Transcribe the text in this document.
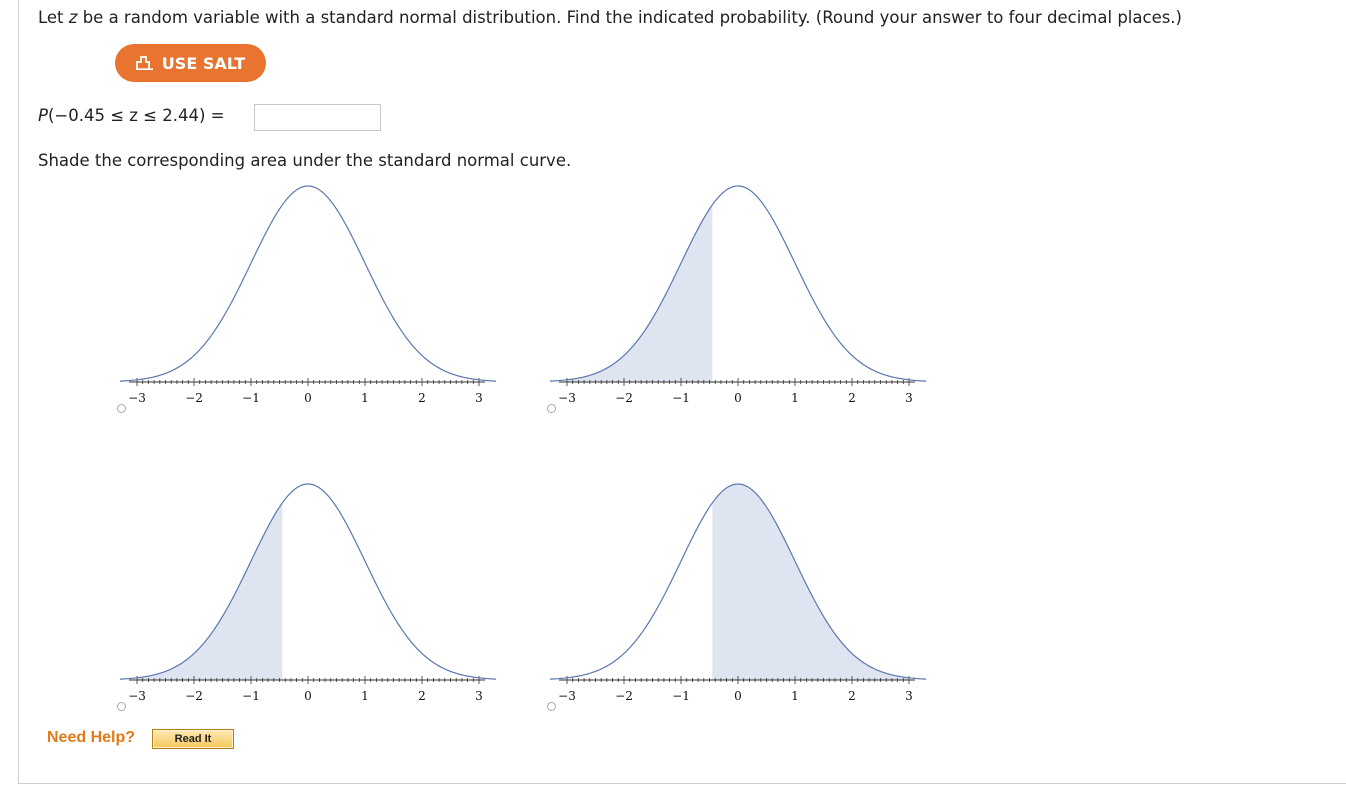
Let z be a random variable with a standard normal distribution. Find the indicated probability. (Round your answer to four decimal places.)
USE SALT
P(−0.45 ≤ z ≤ 2.44) =
Shade the corresponding area under the standard normal curve.
−3	−2	−1	0	1	2	3	−3	−2	−1	0	1	2	3
−3	−2	−1	0	1	2	3	−3	−2	−1	0	1	2	3
Need Help?	Read It
